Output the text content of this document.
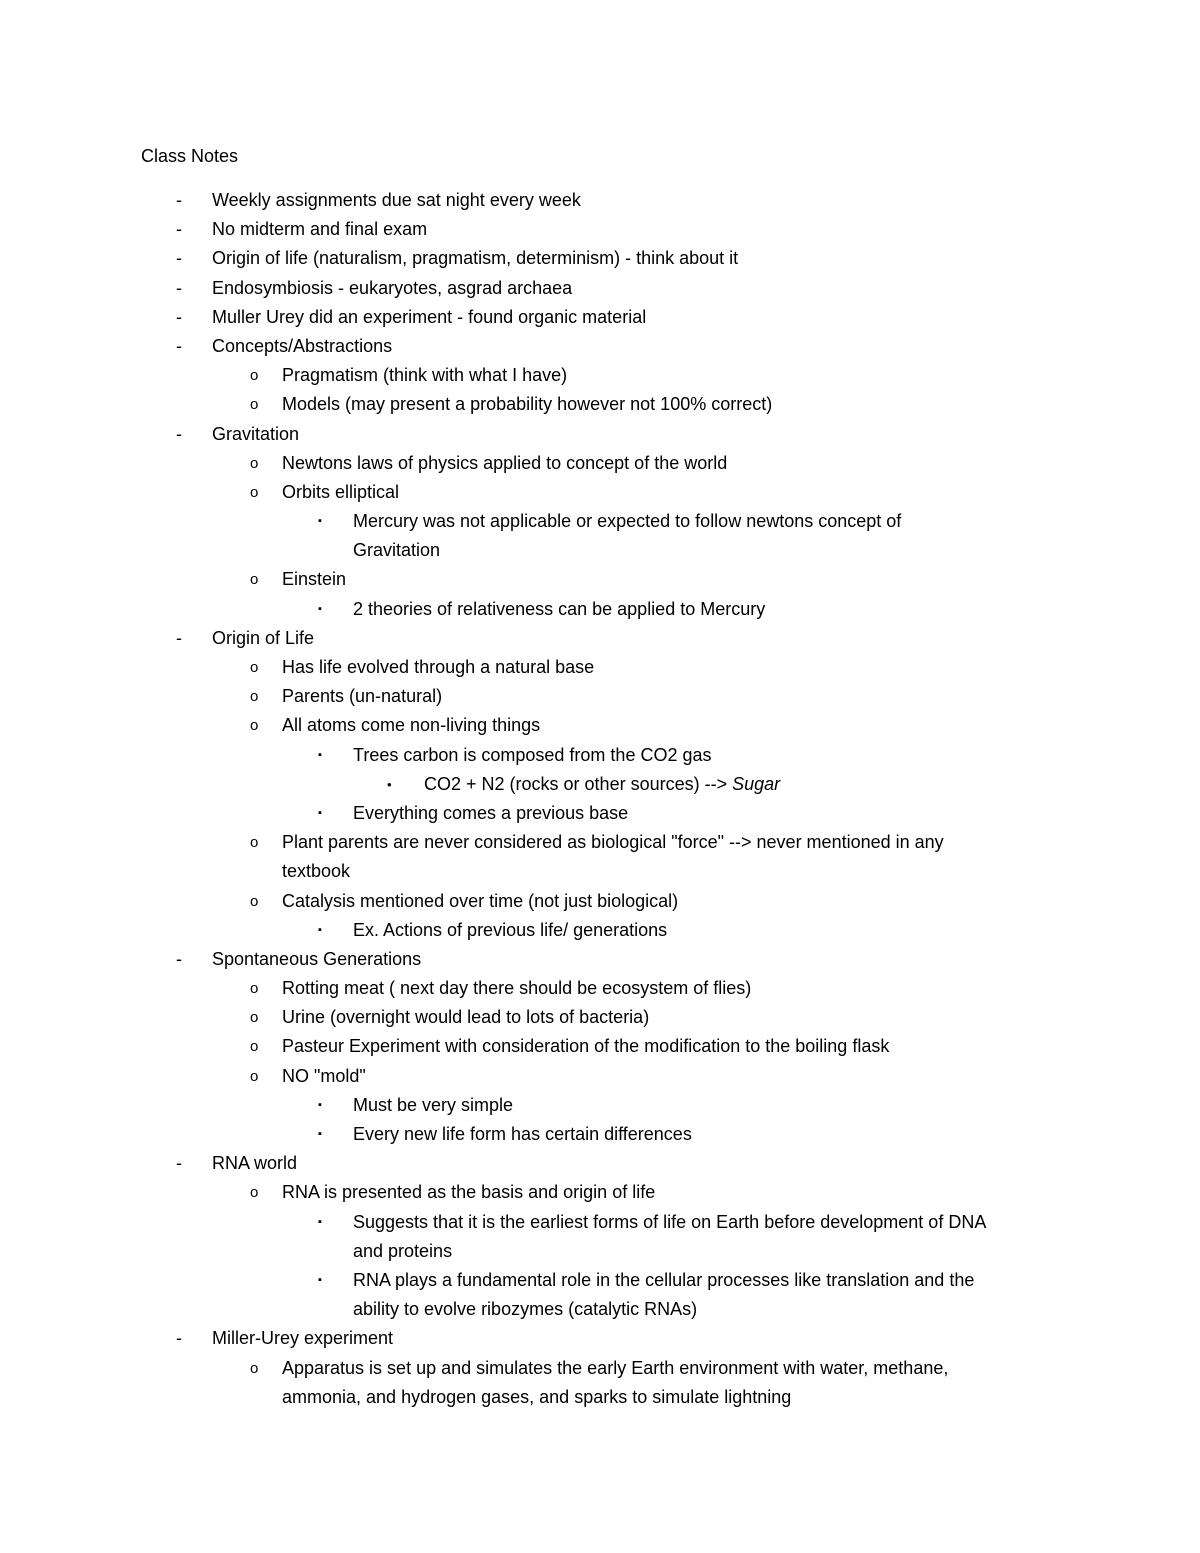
Class Notes
- Weekly assignments due sat night every week
- No midterm and final exam
- Origin of life (naturalism, pragmatism, determinism) - think about it
- Endosymbiosis - eukaryotes, asgrad archaea
- Muller Urey did an experiment - found organic material
- Concepts/Abstractions
o Pragmatism (think with what I have)
o Models (may present a probability however not 100% correct)
- Gravitation
o Newtons laws of physics applied to concept of the world
o Orbits elliptical
▪ Mercury was not applicable or expected to follow newtons concept of
Gravitation
o Einstein
▪ 2 theories of relativeness can be applied to Mercury
- Origin of Life
o Has life evolved through a natural base
o Parents (un-natural)
o All atoms come non-living things
▪ Trees carbon is composed from the CO2 gas
• CO2 + N2 (rocks or other sources) --> Sugar
▪ Everything comes a previous base
o Plant parents are never considered as biological "force" --> never mentioned in any
textbook
o Catalysis mentioned over time (not just biological)
▪ Ex. Actions of previous life/ generations
- Spontaneous Generations
o Rotting meat ( next day there should be ecosystem of flies)
o Urine (overnight would lead to lots of bacteria)
o Pasteur Experiment with consideration of the modification to the boiling flask
o NO "mold"
▪ Must be very simple
▪ Every new life form has certain differences
- RNA world
o RNA is presented as the basis and origin of life
▪ Suggests that it is the earliest forms of life on Earth before development of DNA
and proteins
▪ RNA plays a fundamental role in the cellular processes like translation and the
ability to evolve ribozymes (catalytic RNAs)
- Miller-Urey experiment
o Apparatus is set up and simulates the early Earth environment with water, methane,
ammonia, and hydrogen gases, and sparks to simulate lightning
